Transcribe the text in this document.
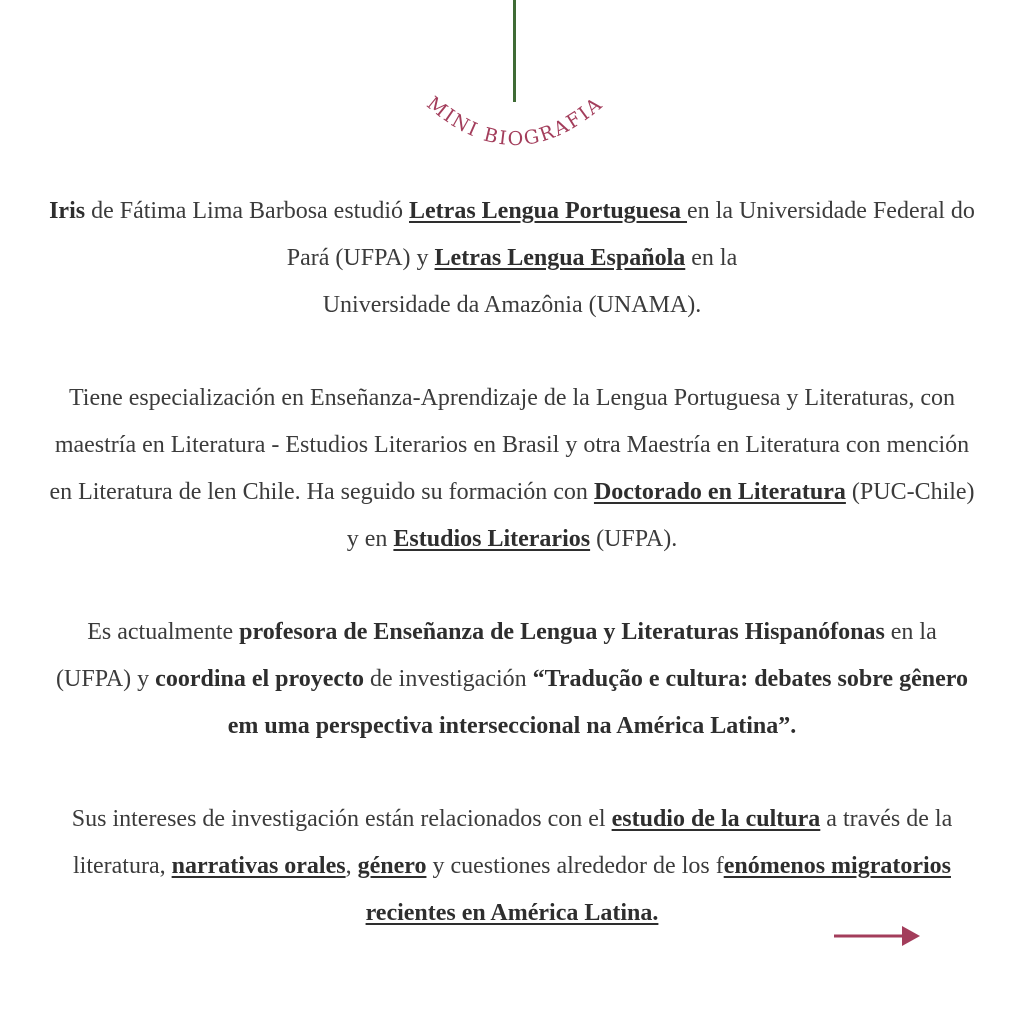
MINI BIOGRAFIA

Iris de Fátima Lima Barbosa estudió Letras Lengua Portuguesa en la Universidade Federal do Pará (UFPA) y Letras Lengua Española en la
Universidade da Amazônia (UNAMA).

Tiene especialización en Enseñanza-Aprendizaje de la Lengua Portuguesa y Literaturas, con maestría en Literatura - Estudios Literarios en Brasil y otra Maestría en Literatura con mención en Literatura de len Chile. Ha seguido su formación con Doctorado en Literatura (PUC-Chile) y en Estudios Literarios (UFPA).

Es actualmente profesora de Enseñanza de Lengua y Literaturas Hispanófonas en la (UFPA) y coordina el proyecto de investigación “Tradução e cultura: debates sobre gênero em uma perspectiva interseccional na América Latina”.

Sus intereses de investigación están relacionados con el estudio de la cultura a través de la literatura, narrativas orales, género y cuestiones alrededor de los fenómenos migratorios recientes en América Latina.
